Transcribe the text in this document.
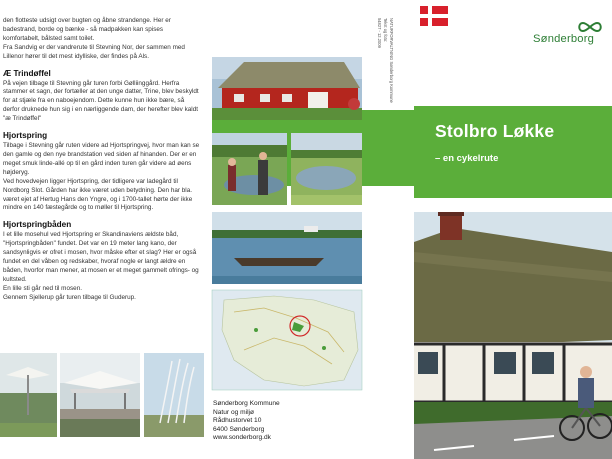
den flotteste udsigt over bugten og åbne strandenge. Her er badestrand, borde og bænke - så madpakken kan spises komfortabelt, bålsted samt toilet.

Fra Sandvig er der vandrerute til Stevning Nor, der sammen med Lillenor hører til det mest idylliske, der findes på Als.

Æ Trindøffel

På vejen tilbage til Stevning går turen forbi Gølliinggård. Herfra stammer et sagn, der fortæller at den unge datter, Trine, blev beskyldt for at stjæle fra en naboejendom. Dette kunne hun ikke bære, så derfor druknede hun sig i en nærliggende dam, der herefter blev kaldt "æ Trindøffel"

Hjortspring

Tilbage i Stevning går ruten videre ad Hjortspringvej, hvor man kan se den gamle og den nye brandstation ved siden af hinanden. Der er en meget smuk linde-allé op til en gård inden turen går videre ad øens højderyg.

Ved hovedvejen ligger Hjortspring, der tidligere var ladegård til Nordborg Slot. Gården har ikke været uden betydning. Den har bla. været ejet af Hertug Hans den Yngre, og i 1700-tallet hørte der ikke mindre en 140 fæstegårde og to møller til Hjortspring.

Hjortspringbåden

I et lille mosehul ved Hjortspring er Skandinaviens ældste båd, "Hjortspringbåden" fundet. Det var en 19 meter lang kano, der sandsynligvis er ofret i mosen, hvor måske efter et slag? Her er også fundet en del våben og redskaber, hvoraf nogle er langt ældre en båden, hvorfor man mener, at mosen er et meget gammelt ofrings- og kultsted.

En lille sti går ned til mosen.

Gennem Sjellerup går turen tilbage til Guderup.

54827 - 12.2009 Tekst og foto: NATURFORVALTNING Sønderborg Kommune
Sønderborg Kommune
Natur og miljø
Rådhustorvet 10
6400 Sønderborg
www.sonderborg.dk
Sønderborg
Stolbro Løkke
– en cykelrute
